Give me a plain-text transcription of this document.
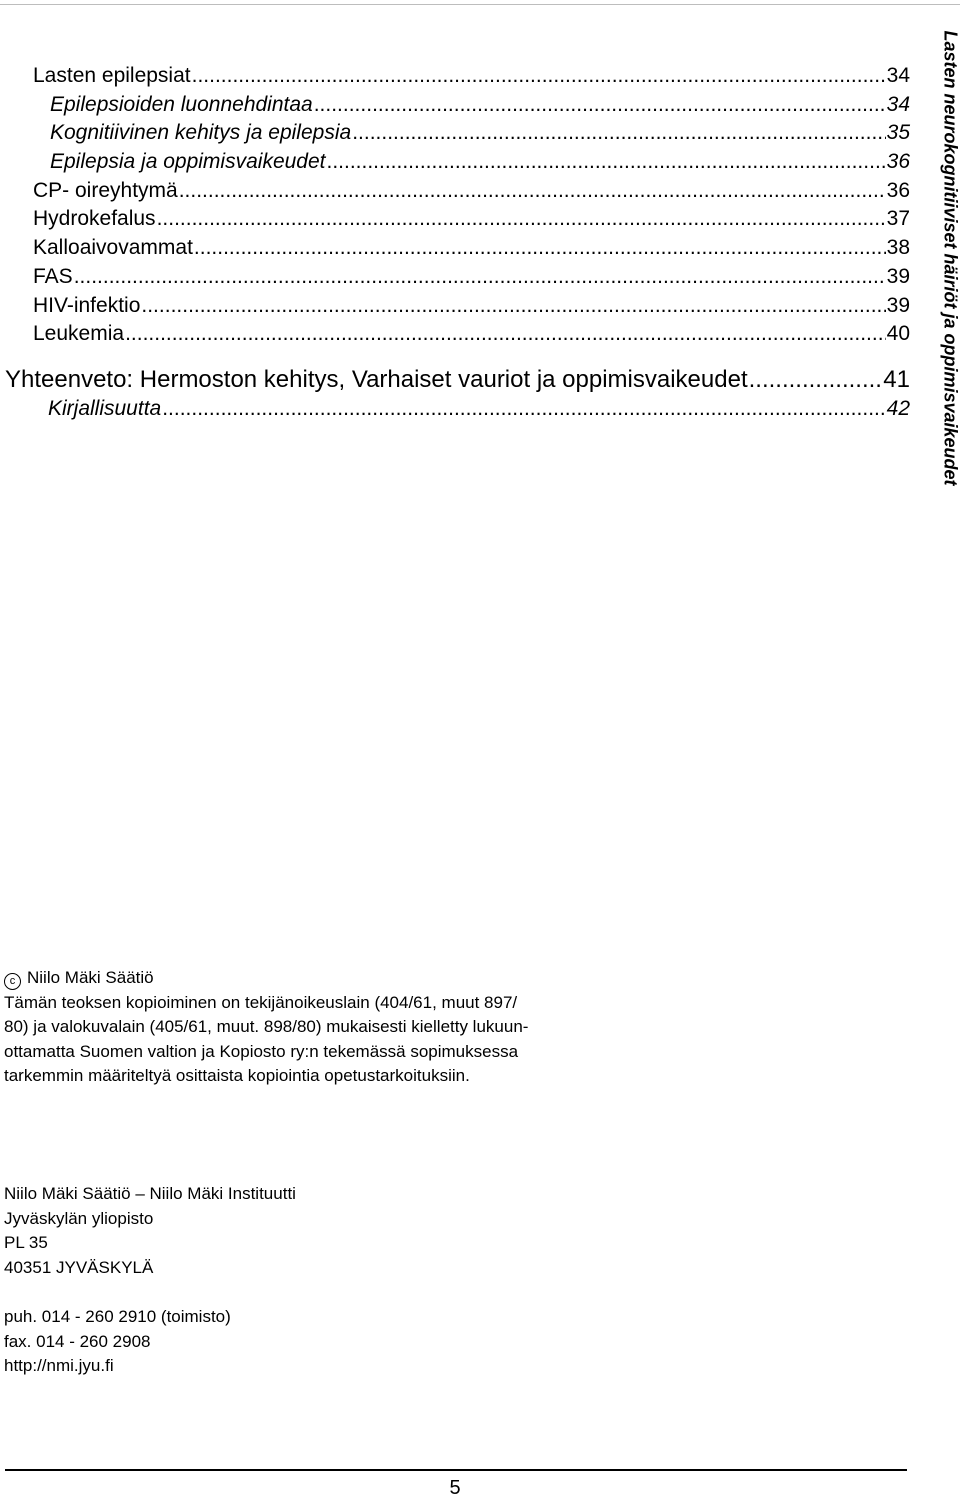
Lasten epilepsiat .....	34
Epilepsioiden luonnehdintaa .....	34
Kognitiivinen kehitys ja epilepsia .....	35
Epilepsia ja oppimisvaikeudet .....	36
CP- oireyhtymä .....	36
Hydrokefalus .....	37
Kalloaivovammat .....	38
FAS .....	39
HIV-infektio .....	39
Leukemia .....	40
Yhteenveto: Hermoston kehitys, Varhaiset vauriot ja oppimisvaikeudet .....	41
Kirjallisuutta .....	42 Lasten neurokognitiiviset häiriöt ja oppimisvaikeudet
c Niilo Mäki Säätiö
Tämän teoksen kopioiminen on tekijänoikeuslain (404/61, muut 897/
80) ja valokuvalain (405/61, muut. 898/80) mukaisesti kielletty lukuun-
ottamatta Suomen valtion ja Kopiosto ry:n tekemässä sopimuksessa
tarkemmin määriteltyä osittaista kopiointia opetustarkoituksiin.
Niilo Mäki Säätiö – Niilo Mäki Instituutti
Jyväskylän yliopisto
PL 35
40351 JYVÄSKYLÄ
puh. 014 - 260 2910 (toimisto)
fax. 014 - 260 2908
http://nmi.jyu.fi
5
